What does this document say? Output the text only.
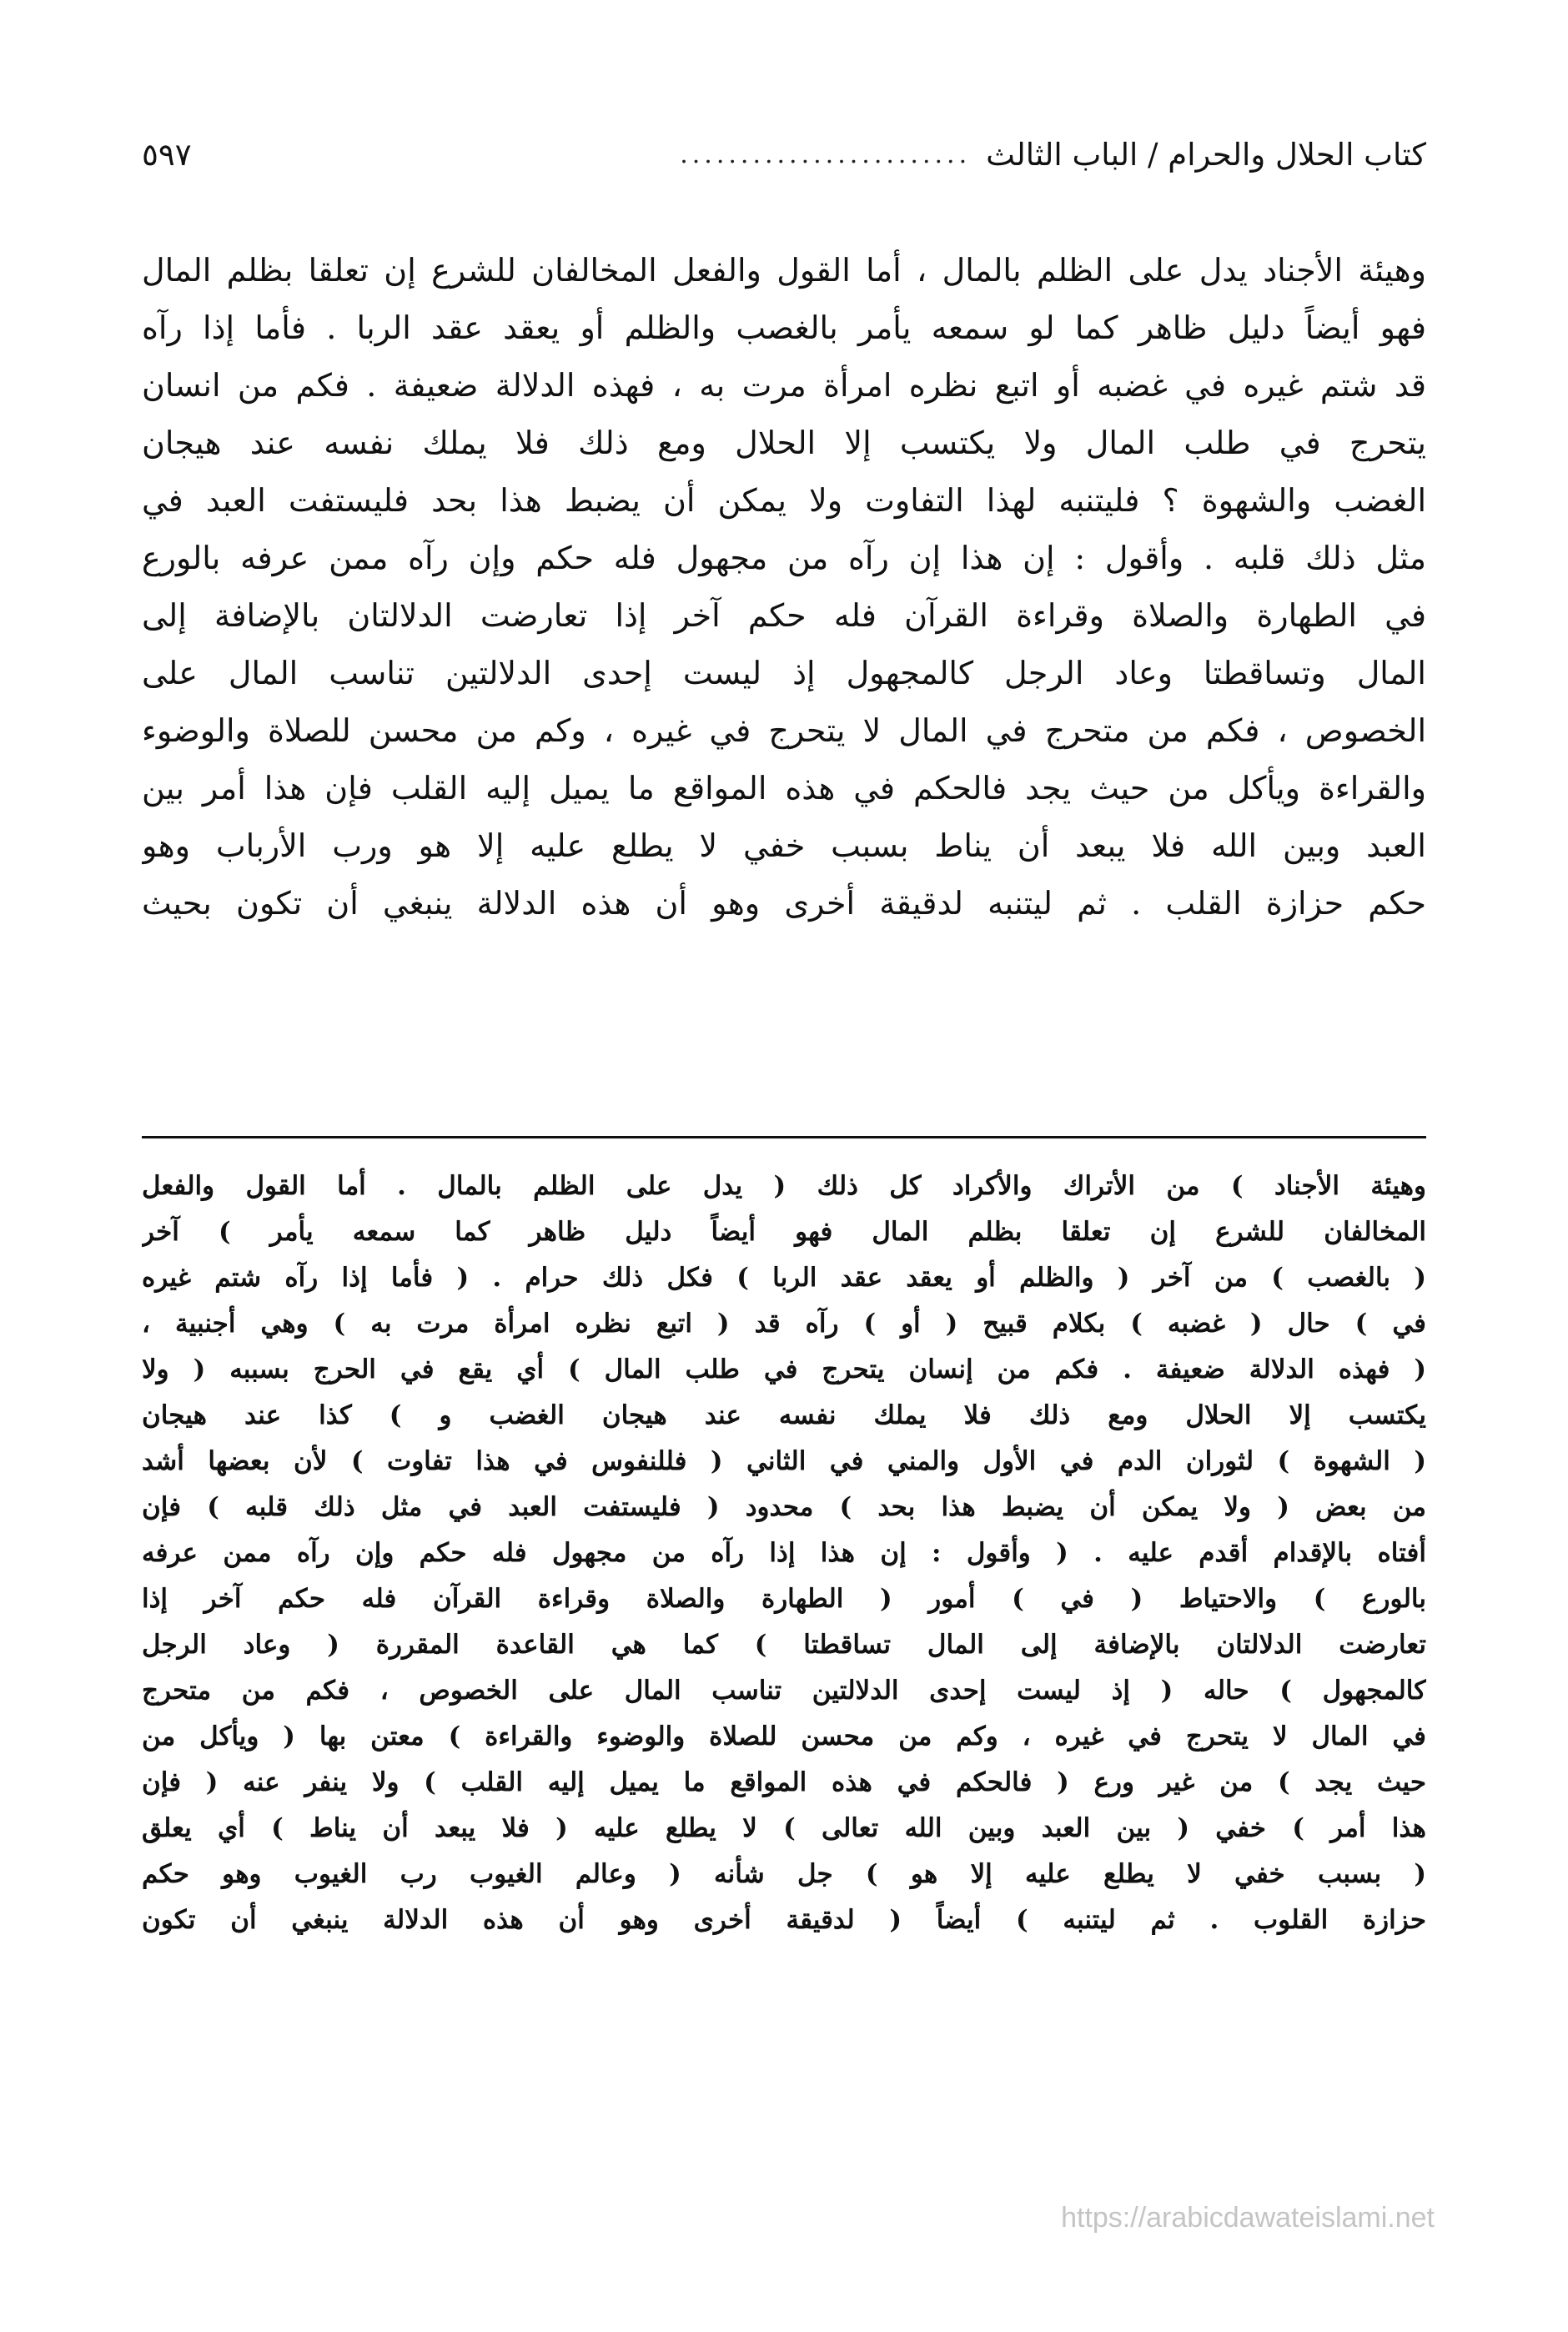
كتاب الحلال والحرام / الباب الثالث
........................
٥٩٧
وهيئة الأجناد يدل على الظلم بالمال ، أما القول والفعل المخالفان للشرع إن تعلقا بظلم المال
فهو أيضاً دليل ظاهر كما لو سمعه يأمر بالغصب والظلم أو يعقد عقد الربا . فأما إذا رآه
قد شتم غيره في غضبه أو اتبع نظره امرأة مرت به ، فهذه الدلالة ضعيفة . فكم من انسان
يتحرج في طلب المال ولا يكتسب إلا الحلال ومع ذلك فلا يملك نفسه عند هيجان
الغضب والشهوة ؟ فليتنبه لهذا التفاوت ولا يمكن أن يضبط هذا بحد فليستفت العبد في
مثل ذلك قلبه . وأقول : إن هذا إن رآه من مجهول فله حكم وإن رآه ممن عرفه بالورع
في الطهارة والصلاة وقراءة القرآن فله حكم آخر إذا تعارضت الدلالتان بالإضافة إلى
المال وتساقطتا وعاد الرجل كالمجهول إذ ليست إحدى الدلالتين تناسب المال على
الخصوص ، فكم من متحرج في المال لا يتحرج في غيره ، وكم من محسن للصلاة والوضوء
والقراءة ويأكل من حيث يجد فالحكم في هذه المواقع ما يميل إليه القلب فإن هذا أمر بين
العبد وبين الله فلا يبعد أن يناط بسبب خفي لا يطلع عليه إلا هو ورب الأرباب وهو
حكم حزازة القلب . ثم ليتنبه لدقيقة أخرى وهو أن هذه الدلالة ينبغي أن تكون بحيث
وهيئة الأجناد ) من الأتراك والأكراد كل ذلك ( يدل على الظلم بالمال . أما القول والفعل
المخالفان للشرع إن تعلقا بظلم المال فهو أيضاً دليل ظاهر كما سمعه يأمر ) آخر
( بالغصب ) من آخر ( والظلم أو يعقد عقد الربا ) فكل ذلك حرام . ( فأما إذا رآه شتم غيره
في ) حال ( غضبه ) بكلام قبيح ( أو ) رآه قد ( اتبع نظره امرأة مرت به ) وهي أجنبية ،
( فهذه الدلالة ضعيفة . فكم من إنسان يتحرج في طلب المال ) أي يقع في الحرج بسببه ( ولا
يكتسب إلا الحلال ومع ذلك فلا يملك نفسه عند هيجان الغضب و ) كذا عند هيجان
( الشهوة ) لثوران الدم في الأول والمني في الثاني ( فللنفوس في هذا تفاوت ) لأن بعضها أشد
من بعض ( ولا يمكن أن يضبط هذا بحد ) محدود ( فليستفت العبد في مثل ذلك قلبه ) فإن
أفتاه بالإقدام أقدم عليه . ( وأقول : إن هذا إذا رآه من مجهول فله حكم وإن رآه ممن عرفه
بالورع ) والاحتياط ( في ) أمور ( الطهارة والصلاة وقراءة القرآن فله حكم آخر إذا
تعارضت الدلالتان بالإضافة إلى المال تساقطتا ) كما هي القاعدة المقررة ( وعاد الرجل
كالمجهول ) حاله ( إذ ليست إحدى الدلالتين تناسب المال على الخصوص ، فكم من متحرج
في المال لا يتحرج في غيره ، وكم من محسن للصلاة والوضوء والقراءة ) معتن بها ( ويأكل من
حيث يجد ) من غير ورع ( فالحكم في هذه المواقع ما يميل إليه القلب ) ولا ينفر عنه ( فإن
هذا أمر ) خفي ( بين العبد وبين الله تعالى ) لا يطلع عليه ( فلا يبعد أن يناط ) أي يعلق
( بسبب خفي لا يطلع عليه إلا هو ) جل شأنه ( وعالم الغيوب رب الغيوب وهو حكم
حزازة القلوب . ثم ليتنبه ) أيضاً ( لدقيقة أخرى وهو أن هذه الدلالة ينبغي أن تكون
https://arabicdawateislami.net
